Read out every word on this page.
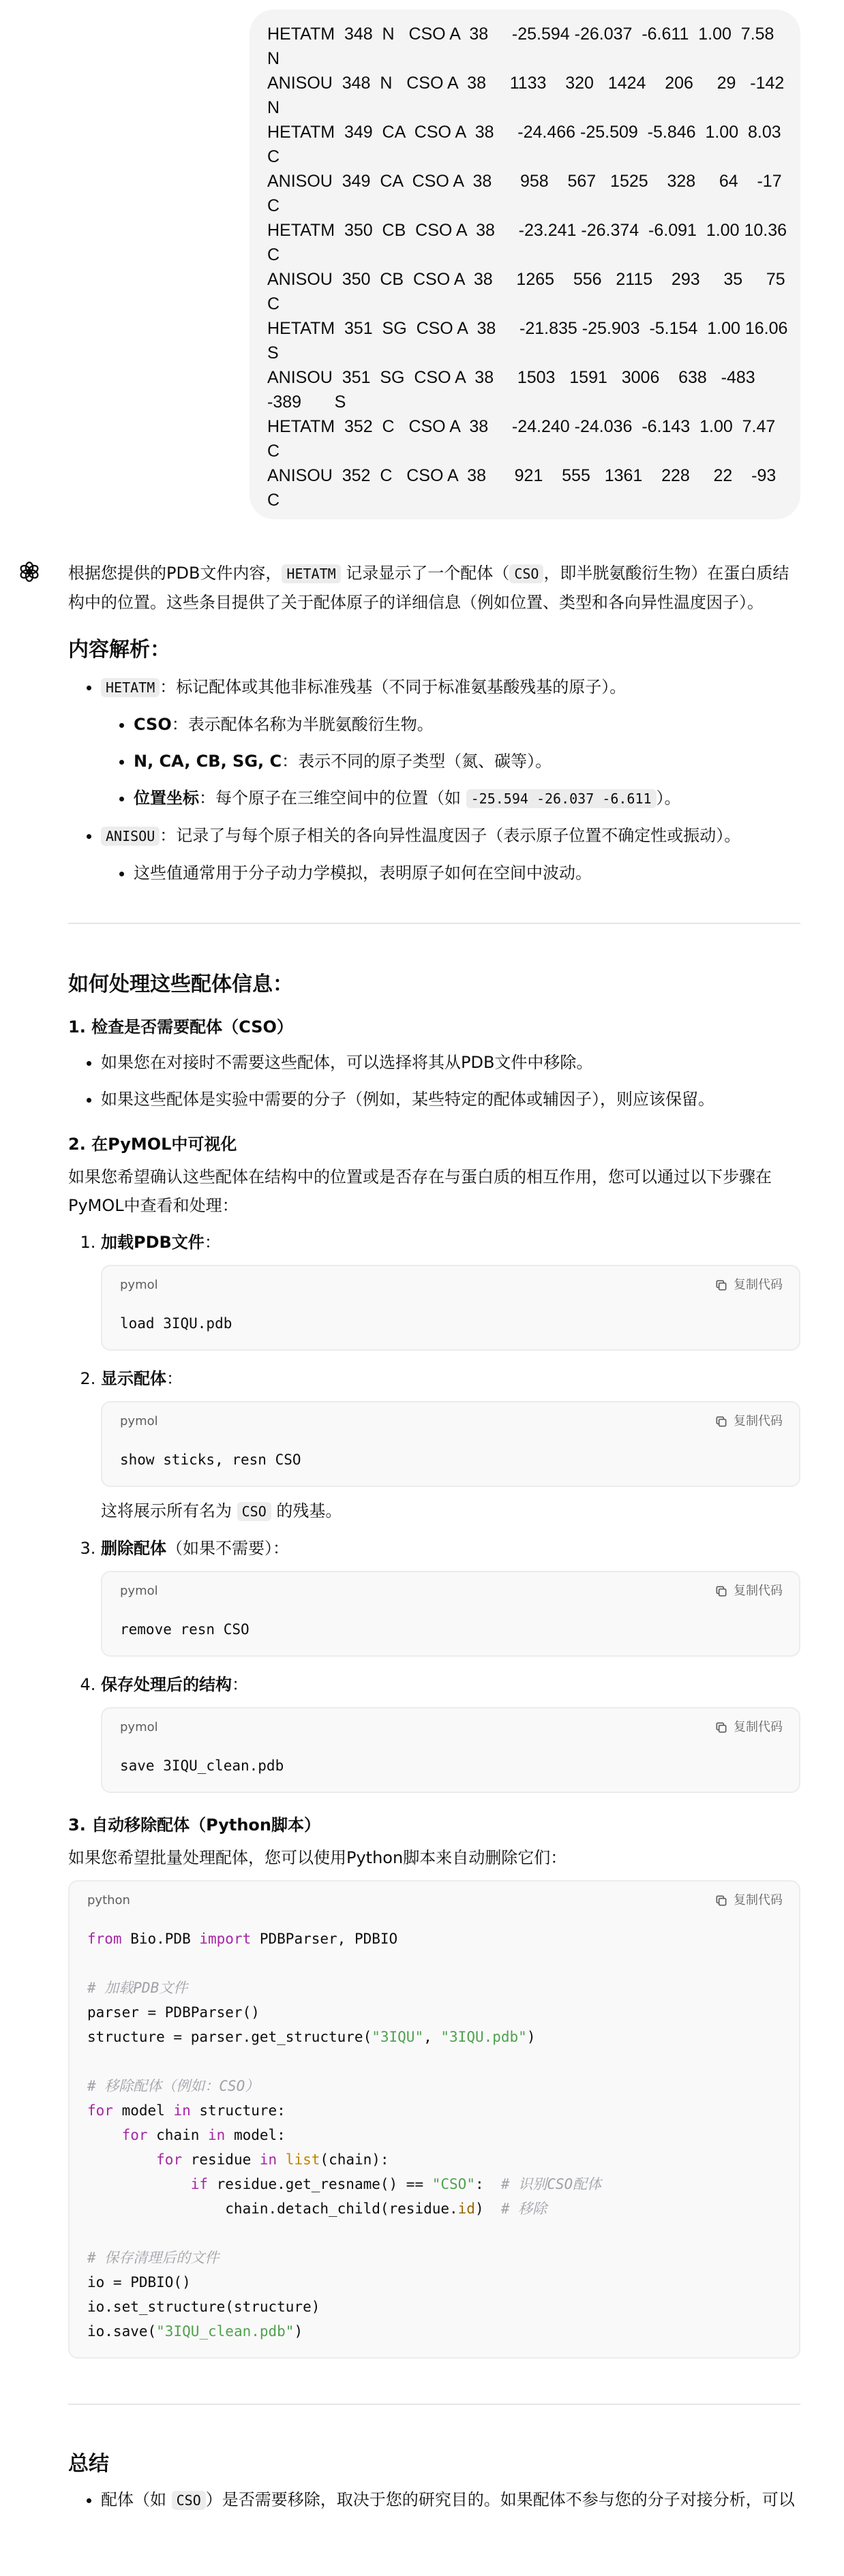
HETATM  348  N   CSO A  38     -25.594 -26.037  -6.611  1.00  7.58

N

ANISOU  348  N   CSO A  38     1133    320   1424    206     29   -142

N

HETATM  349  CA  CSO A  38     -24.466 -25.509  -5.846  1.00  8.03

C

ANISOU  349  CA  CSO A  38      958    567   1525    328     64    -17

C

HETATM  350  CB  CSO A  38     -23.241 -26.374  -6.091  1.00 10.36

C

ANISOU  350  CB  CSO A  38     1265    556   2115    293     35     75

C

HETATM  351  SG  CSO A  38     -21.835 -25.903  -5.154  1.00 16.06

S

ANISOU  351  SG  CSO A  38     1503   1591   3006    638   -483

-389       S

HETATM  352  C   CSO A  38     -24.240 -24.036  -6.143  1.00  7.47

C

ANISOU  352  C   CSO A  38      921    555   1361    228     22    -93

C

根据您提供的PDB文件内容， HETATM 记录显示了一个配体（ CSO ，即半胱氨酸衍生物）在蛋白质结构中的位置。这些条目提供了关于配体原子的详细信息（例如位置、类型和各向异性温度因子）。

内容解析：
• HETATM ：标记配体或其他非标准残基（不同于标准氨基酸残基的原子）。
• CSO：表示配体名称为半胱氨酸衍生物。
• N, CA, CB, SG, C：表示不同的原子类型（氮、碳等）。
• 位置坐标：每个原子在三维空间中的位置（如 -25.594 -26.037 -6.611 ）。
• ANISOU ：记录了与每个原子相关的各向异性温度因子（表示原子位置不确定性或振动）。
• 这些值通常用于分子动力学模拟，表明原子如何在空间中波动。
如何处理这些配体信息：
1. 检查是否需要配体（CSO）
• 如果您在对接时不需要这些配体，可以选择将其从PDB文件中移除。
• 如果这些配体是实验中需要的分子（例如，某些特定的配体或辅因子），则应该保留。
2. 在PyMOL中可视化

如果您希望确认这些配体在结构中的位置或是否存在与蛋白质的相互作用，您可以通过以下步骤在PyMOL中查看和处理：

1. 加载PDB文件：
pymol	复制代码
load 3IQU.pdb
2. 显示配体：
pymol	复制代码
show sticks, resn CSO

这将展示所有名为 CSO 的残基。

3. 删除配体（如果不需要）：
pymol	复制代码
remove resn CSO
4. 保存处理后的结构：
pymol	复制代码
save 3IQU_clean.pdb
3. 自动移除配体（Python脚本）

如果您希望批量处理配体，您可以使用Python脚本来自动删除它们：

python	复制代码
from Bio.PDB import PDBParser, PDBIO

# 加载PDB文件
parser = PDBParser()
structure = parser.get_structure("3IQU", "3IQU.pdb")

# 移除配体（例如：CSO）
for model in structure:
for chain in model:
for residue in list(chain):
if residue.get_resname() == "CSO":  # 识别CSO配体
chain.detach_child(residue.id)  # 移除

# 保存清理后的文件
io = PDBIO()
io.set_structure(structure)
io.save("3IQU_clean.pdb")
总结
• 配体（如 CSO ）是否需要移除，取决于您的研究目的。如果配体不参与您的分子对接分析，可以
